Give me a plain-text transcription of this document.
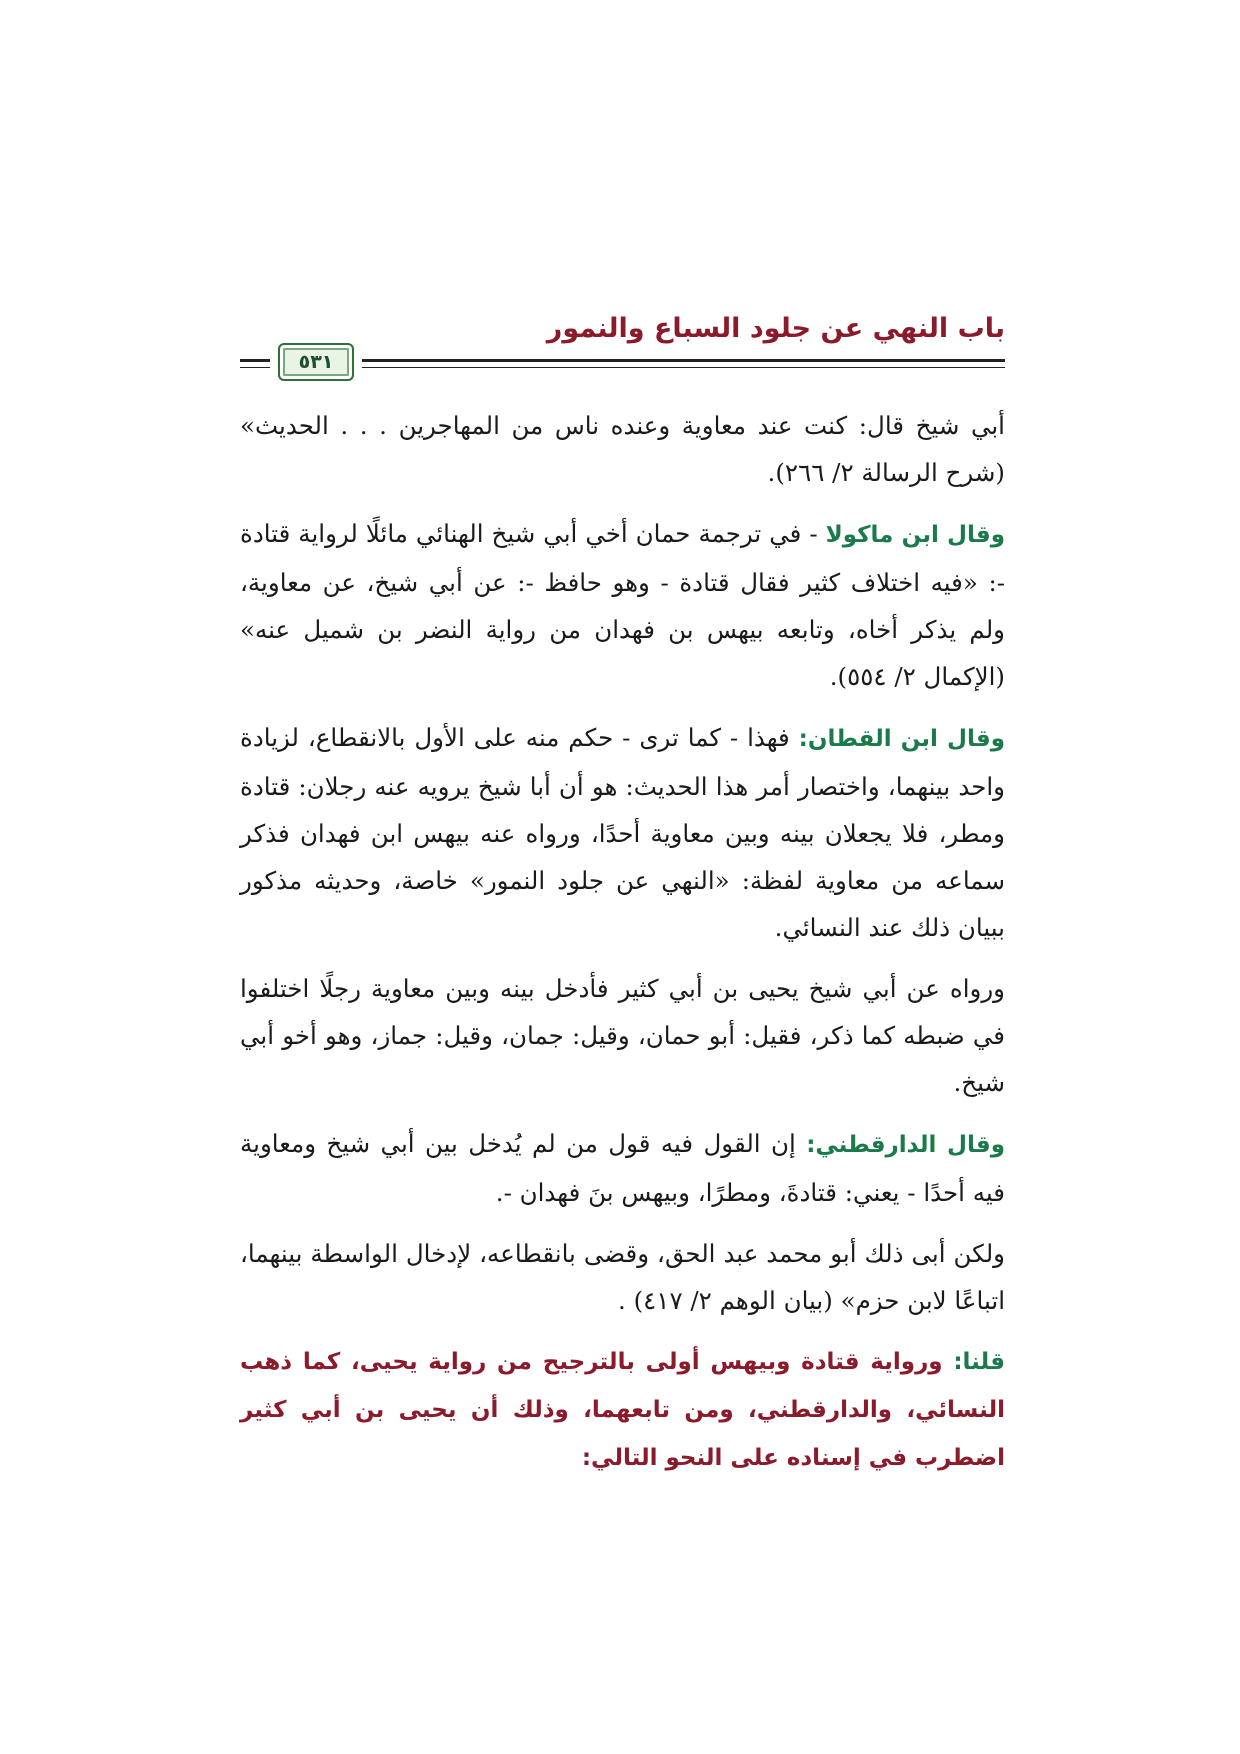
باب النهي عن جلود السباع والنمور
٥٣١

أبي شيخ قال: كنت عند معاوية وعنده ناس من المهاجرين . . . الحديث» (شرح الرسالة ٢/ ٢٦٦).

وقال ابن ماكولا - في ترجمة حمان أخي أبي شيخ الهنائي مائلًا لرواية قتادة -: «فيه اختلاف كثير فقال قتادة - وهو حافظ -: عن أبي شيخ، عن معاوية، ولم يذكر أخاه، وتابعه بيهس بن فهدان من رواية النضر بن شميل عنه» (الإكمال ٢/ ٥٥٤).

وقال ابن القطان: فهذا - كما ترى - حكم منه على الأول بالانقطاع، لزيادة واحد بينهما، واختصار أمر هذا الحديث: هو أن أبا شيخ يرويه عنه رجلان: قتادة ومطر، فلا يجعلان بينه وبين معاوية أحدًا، ورواه عنه بيهس ابن فهدان فذكر سماعه من معاوية لفظة: «النهي عن جلود النمور» خاصة، وحديثه مذكور ببيان ذلك عند النسائي.

ورواه عن أبي شيخ يحيى بن أبي كثير فأدخل بينه وبين معاوية رجلًا اختلفوا في ضبطه كما ذكر، فقيل: أبو حمان، وقيل: جمان، وقيل: جماز، وهو أخو أبي شيخ.

وقال الدارقطني: إن القول فيه قول من لم يُدخل بين أبي شيخ ومعاوية فيه أحدًا - يعني: قتادةَ، ومطرًا، وبيهس بنَ فهدان -.

ولكن أبى ذلك أبو محمد عبد الحق، وقضى بانقطاعه، لإدخال الواسطة بينهما، اتباعًا لابن حزم» (بيان الوهم ٢/ ٤١٧) .

قلنا: ورواية قتادة وبيهس أولى بالترجيح من رواية يحيى، كما ذهب النسائي، والدارقطني، ومن تابعهما، وذلك أن يحيى بن أبي كثير اضطرب في إسناده على النحو التالي:
